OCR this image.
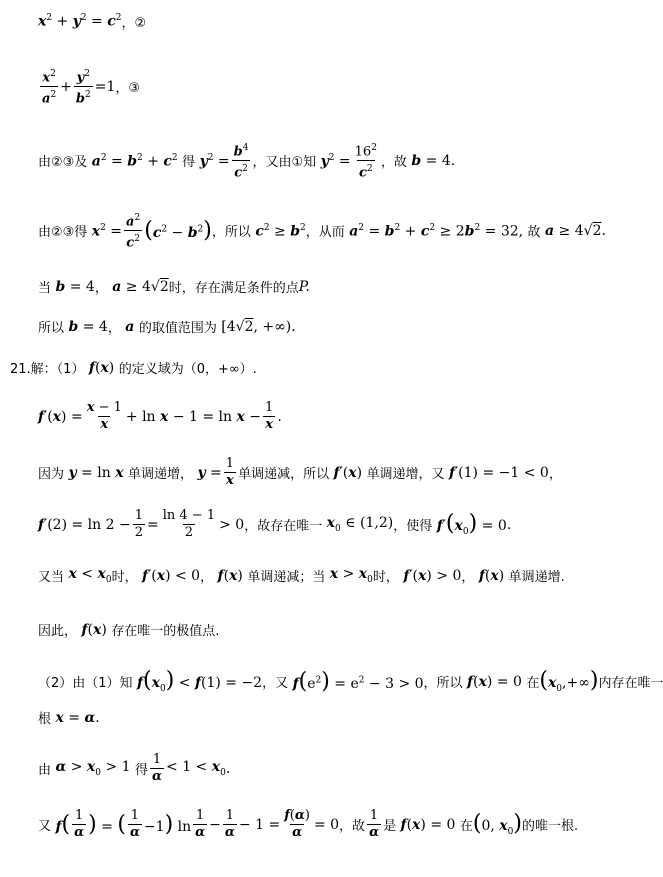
$x^2 + y^2 = c^2$ ，②
$\frac{x^2}{a^2} + \frac{y^2}{b^2} =1$ ，③
由②③及 $a^2 = b^2 + c^2$ 得 $y^2 = \frac{b^4}{c^2}$ ，又由①知 $y^2 = \frac{16^2}{c^2}$ ，故 b = 4 .
由②③得 $x^2 = \frac{a^2}{c^2} (c^2 - b^2)$ ，所以 $c^2 \ge b^2$ ，从而 $a^2 = b^2 + c^2 \ge 2b^2 = 32$, 故 a ≥ 4√2 .
当 b = 4 ， a ≥ 4√2 时，存在满足条件的点 P.
所以 b = 4 ， a 的取值范围为 [4√2, +∞) .
21.解：（1） f(x) 的定义域为（0，+∞）.
$f'(x) = \frac{x - 1}{x} + \ln x - 1 = \ln x - \frac{1}{x}$ .
因为 y = ln x 单调递增， $y = \frac{1}{x}$ 单调递减，所以 f′(x) 单调递增，又 f′(1) = −1 < 0 ，
$f'(2) = \ln 2 - \frac{1}{2} = \frac{\ln 4 - 1}{2} > 0$ ，故存在唯一 $x_0$ ∈ (1,2) ，使得 $f'(x_0) = 0$ .
又当 $x < x_0$ 时， f′(x) < 0 ， f(x) 单调递减；当 $x > x_0$ 时， f′(x) > 0 ， f(x) 单调递增.
因此， f(x) 存在唯一的极值点.
（2）由（1）知 $f(x_0) < f(1) = -2$ ，又 $f(e^2) = e^2 - 3 > 0$ ，所以 f(x) = 0 在 $(x_0,+\infty)$ 内存在唯一
根 x = α .
由 $\alpha > x_0 > 1$ 得 $\frac{1}{\alpha} < 1 < x_0$ .
又 $f( \frac{1}{\alpha}$ ) = ( $\frac{1}{\alpha} -1$) $\ln \frac{1}{\alpha} - \frac{1}{\alpha} - 1 = \frac{f(\alpha)}{\alpha} = 0$ ，故 $\frac{1}{\alpha}$ 是 f(x) = 0 在 (0, $x_0$) 的唯一根.
